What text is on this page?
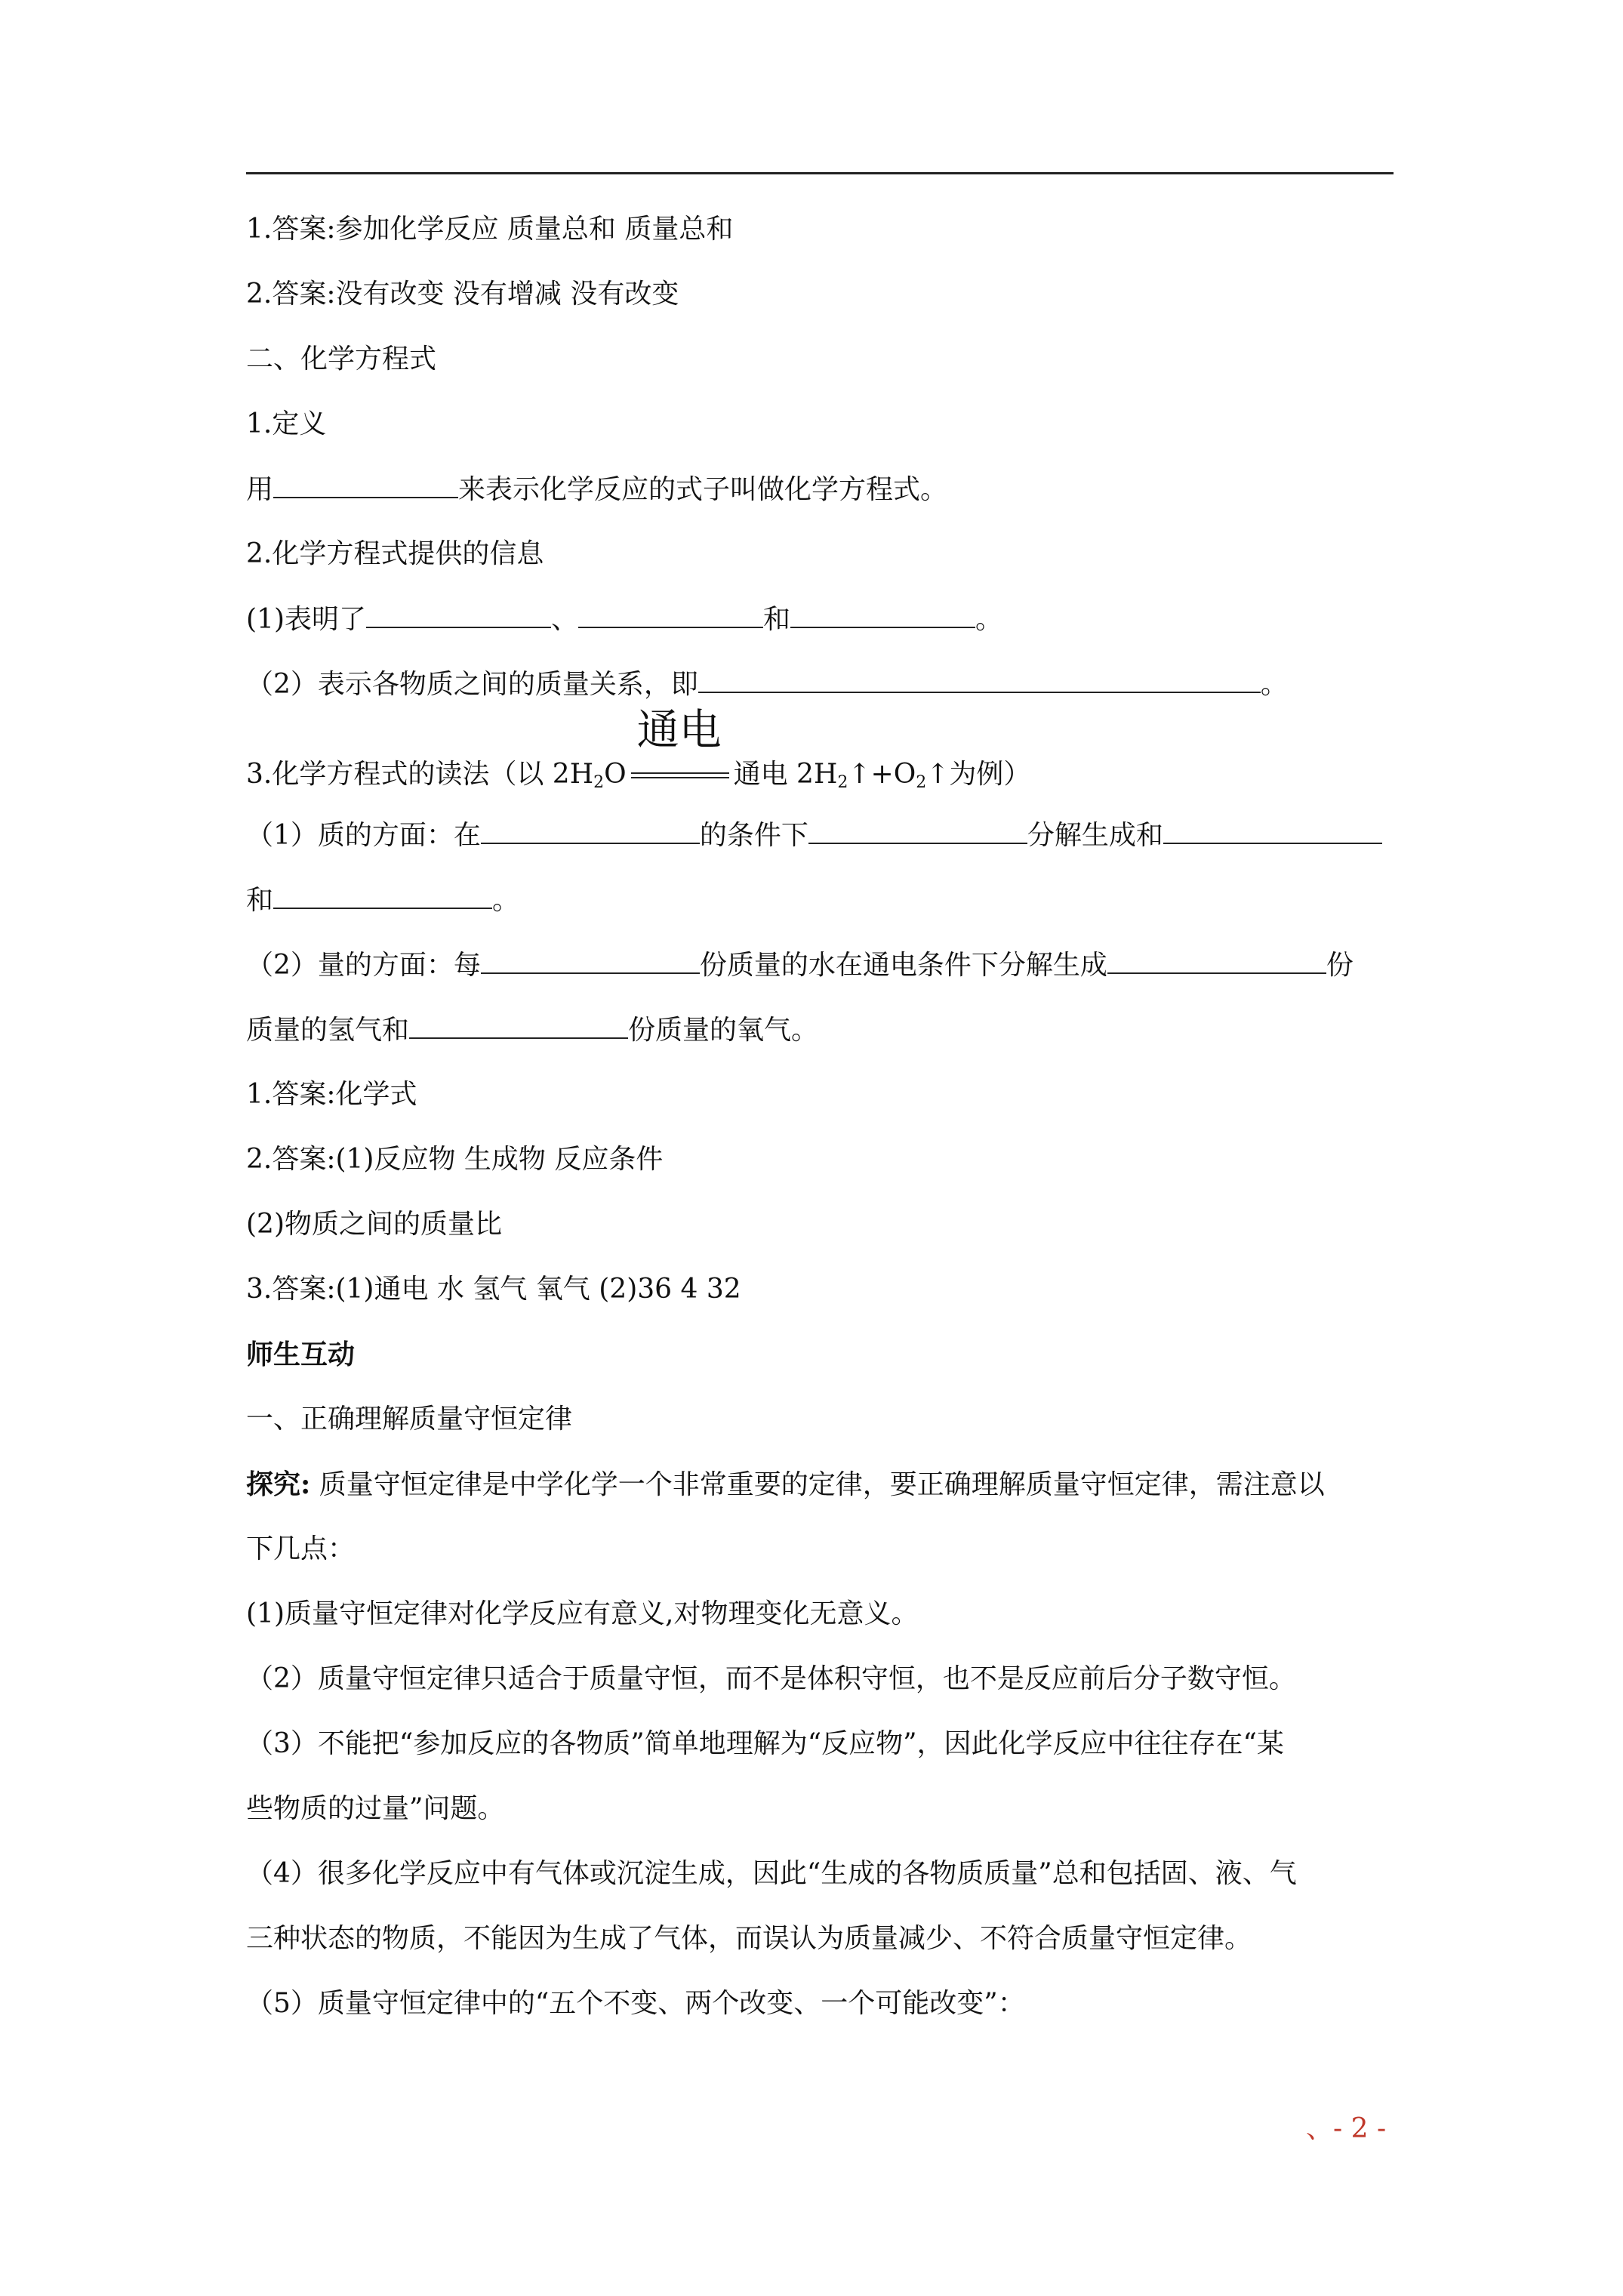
1.答案:参加化学反应 质量总和 质量总和
2.答案:没有改变 没有增减 没有改变
二、化学方程式
1.定义
用	来表示化学反应的式子叫做化学方程式。
2.化学方程式提供的信息
(1)表明了	、	和	。
（2）表示各物质之间的质量关系，即	。
3.化学方程式的读法（以 $2H_2O$
通电
通电 $2H_2↑+O_2↑$为例）
（1）质的方面：在	的条件下	分解生成和
和	。
（2）量的方面：每	份质量的水在通电条件下分解生成	份
质量的氢气和	份质量的氧气。
1.答案:化学式
2.答案:(1)反应物 生成物 反应条件
(2)物质之间的质量比
3.答案:(1)通电 水 氢气 氧气 (2)36 4 32
师生互动
一、正确理解质量守恒定律
探究: 质量守恒定律是中学化学一个非常重要的定律，要正确理解质量守恒定律，需注意以
下几点：
(1)质量守恒定律对化学反应有意义,对物理变化无意义。
（2）质量守恒定律只适合于质量守恒，而不是体积守恒，也不是反应前后分子数守恒。
（3）不能把“参加反应的各物质”简单地理解为“反应物”，因此化学反应中往往存在“某
些物质的过量”问题。
（4）很多化学反应中有气体或沉淀生成，因此“生成的各物质质量”总和包括固、液、气
三种状态的物质，不能因为生成了气体，而误认为质量减少、不符合质量守恒定律。
（5）质量守恒定律中的“五个不变、两个改变、一个可能改变”：
、- 2 -
